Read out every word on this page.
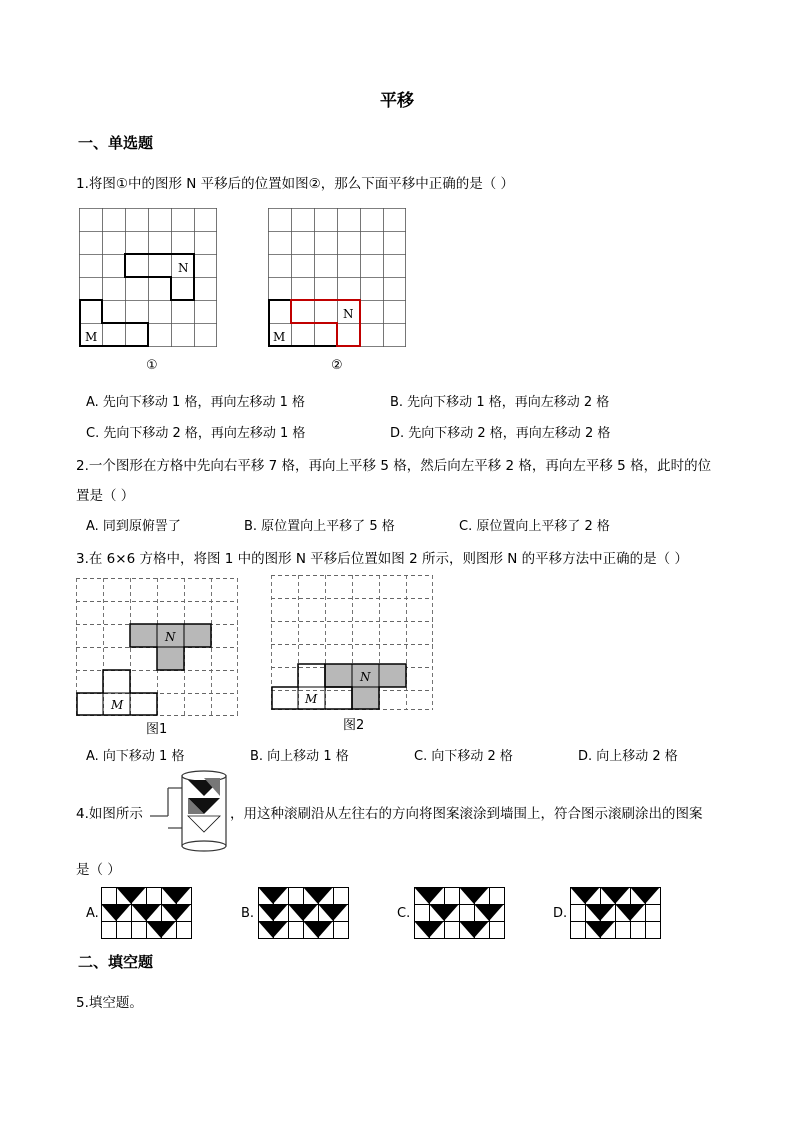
平移
一、单选题
1.将图①中的图形 N 平移后的位置如图②，那么下面平移中正确的是（ ）
N
M
①
N
M
②
A. 先向下移动 1 格，再向左移动 1 格	B. 先向下移动 1 格，再向左移动 2 格
C. 先向下移动 2 格，再向左移动 1 格	D. 先向下移动 2 格，再向左移动 2 格
2.一个图形在方格中先向右平移 7 格，再向上平移 5 格，然后向左平移 2 格，再向左平移 5 格，此时的位
置是（ ）
A. 同到原俯詈了	B. 原位置向上平移了 5 格	C. 原位置向上平移了 2 格
3.在 6×6 方格中，将图 1 中的图形 N 平移后位置如图 2 所示，则图形 N 的平移方法中正确的是（ ）
N
M
图1
N
M
图2
A. 向下移动 1 格	B. 向上移动 1 格	C. 向下移动 2 格	D. 向上移动 2 格
4.如图所示	，用这种滚刷沿从左往右的方向将图案滚涂到墙围上，符合图示滚刷涂出的图案
是（ ）
A.	B.	C.	D.
二、填空题
5.填空题。
